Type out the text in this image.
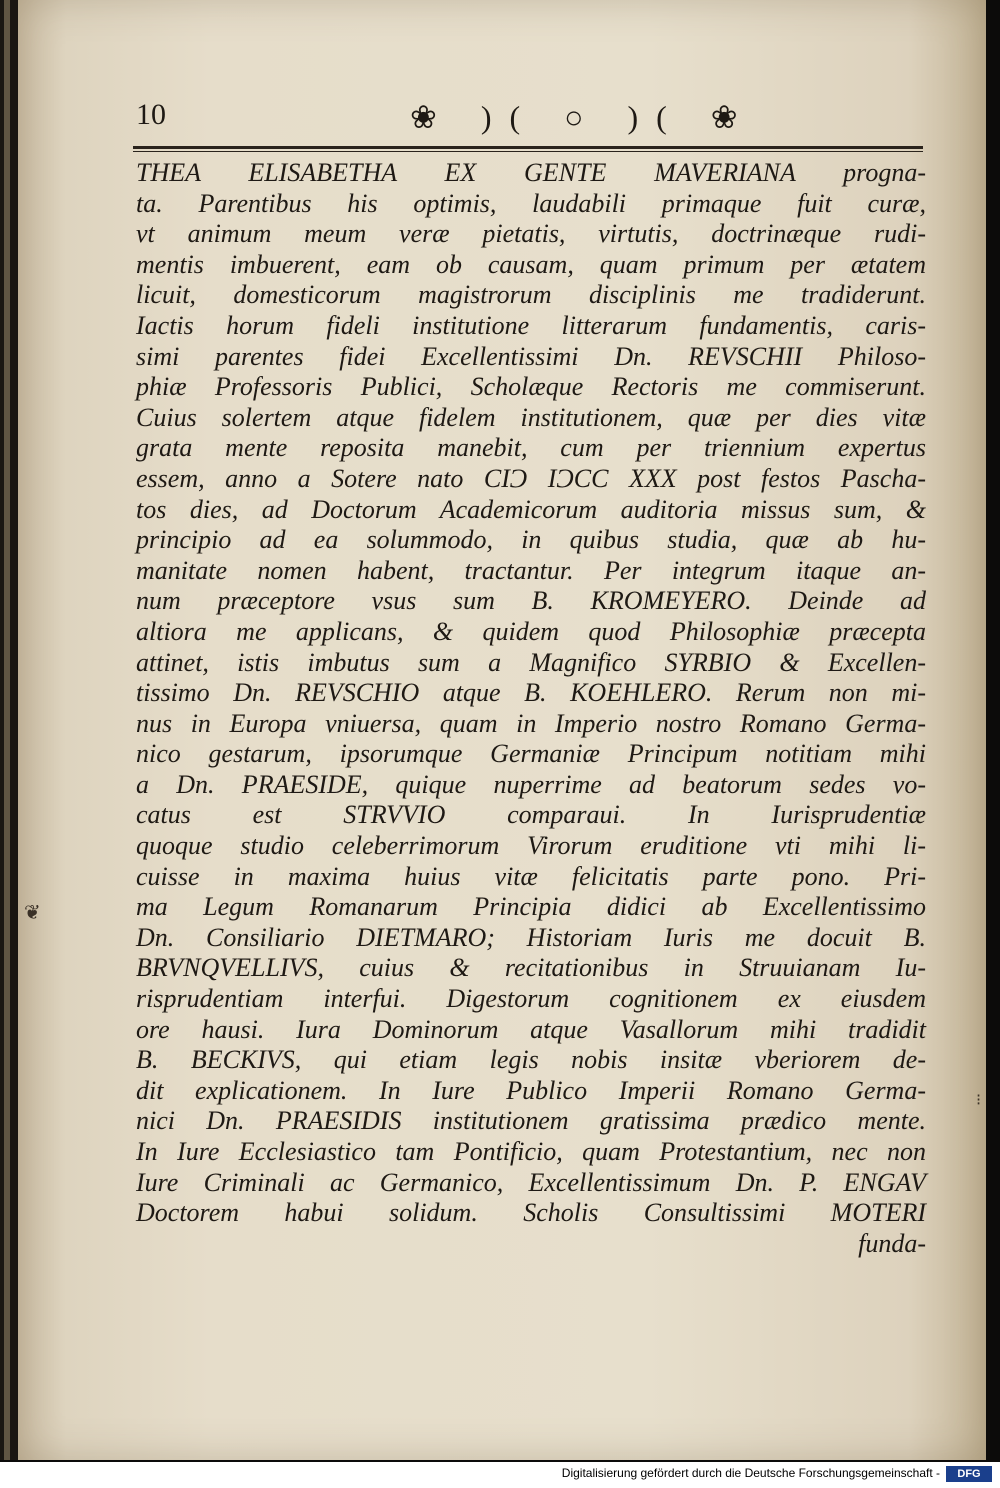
10	❀ )( ○ )( ❀
THEA ELISABETHA EX GENTE MAVERIANA progna-
ta. Parentibus his optimis, laudabili primaque fuit curæ,
vt animum meum veræ pietatis, virtutis, doctrinæque rudi-
mentis imbuerent, eam ob causam, quam primum per ætatem
licuit, domesticorum magistrorum disciplinis me tradiderunt.
Iactis horum fideli institutione litterarum fundamentis, caris-
simi parentes fidei Excellentissimi Dn. REVSCHII Philoso-
phiæ Professoris Publici, Scholæque Rectoris me commiserunt.
Cuius solertem atque fidelem institutionem, quæ per dies vitæ
grata mente reposita manebit, cum per triennium expertus
essem, anno a Sotere nato CIϽ IϽCC XXX post festos Pascha-
tos dies, ad Doctorum Academicorum auditoria missus sum, &
principio ad ea solummodo, in quibus studia, quæ ab hu-
manitate nomen habent, tractantur. Per integrum itaque an-
num præceptore vsus sum B. KROMEYERO. Deinde ad
altiora me applicans, & quidem quod Philosophiæ præcepta
attinet, istis imbutus sum a Magnifico SYRBIO & Excellen-
tissimo Dn. REVSCHIO atque B. KOEHLERO. Rerum non mi-
nus in Europa vniuersa, quam in Imperio nostro Romano Germa-
nico gestarum, ipsorumque Germaniæ Principum notitiam mihi
a Dn. PRAESIDE, quique nuperrime ad beatorum sedes vo-
catus est STRVVIO comparaui. In Iurisprudentiæ
quoque studio celeberrimorum Virorum eruditione vti mihi li-
cuisse in maxima huius vitæ felicitatis parte pono. Pri-
ma Legum Romanarum Principia didici ab Excellentissimo
Dn. Consiliario DIETMARO; Historiam Iuris me docuit B.
BRVNQVELLIVS, cuius & recitationibus in Struuianam Iu-
risprudentiam interfui. Digestorum cognitionem ex eiusdem
ore hausi. Iura Dominorum atque Vasallorum mihi tradidit
B. BECKIVS, qui etiam legis nobis insitæ vberiorem de-
dit explicationem. In Iure Publico Imperii Romano Germa-
nici Dn. PRAESIDIS institutionem gratissima prædico mente.
In Iure Ecclesiastico tam Pontificio, quam Protestantium, nec non
Iure Criminali ac Germanico, Excellentissimum Dn. P. ENGAV
Doctorem habui solidum. Scholis Consultissimi MOTERI
funda-
❦
⁝
Digitalisierung gefördert durch die Deutsche Forschungsgemeinschaft -	DFG
